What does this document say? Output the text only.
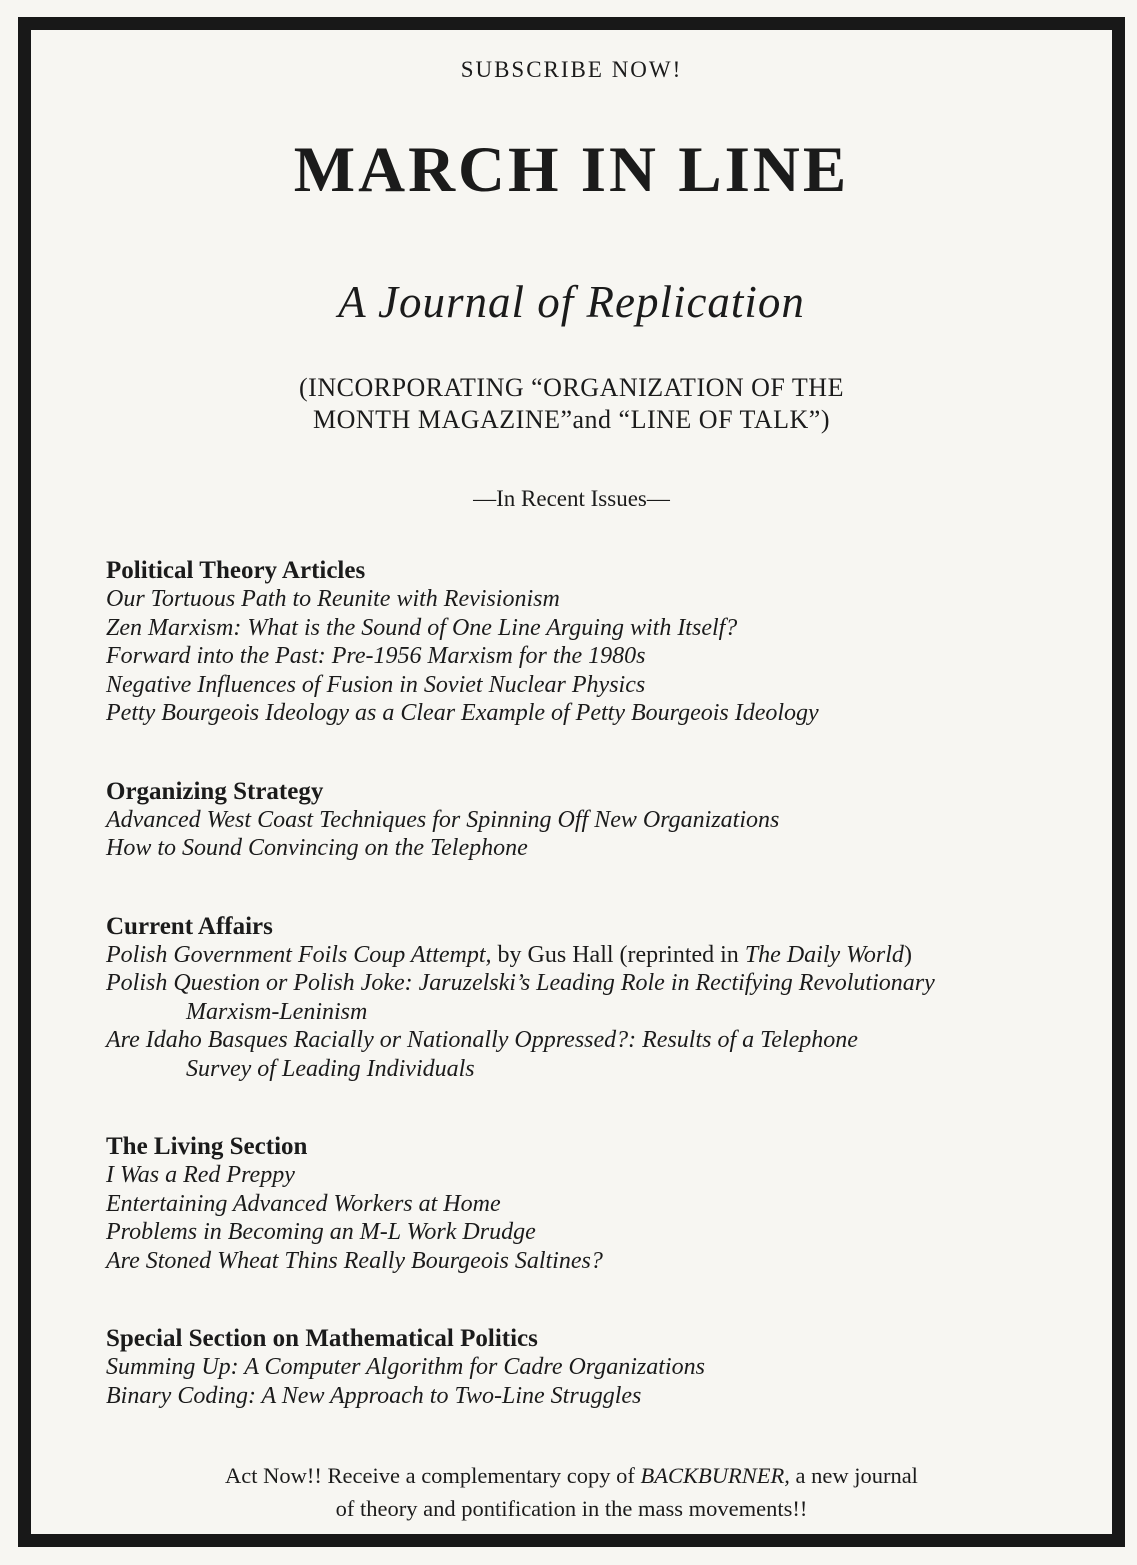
SUBSCRIBE NOW!
MARCH IN LINE
A Journal of Replication
(INCORPORATING “ORGANIZATION OF THE
MONTH MAGAZINE”and “LINE OF TALK”)
—In Recent Issues—
Political Theory Articles

Our Tortuous Path to Reunite with Revisionism

Zen Marxism: What is the Sound of One Line Arguing with Itself?

Forward into the Past: Pre-1956 Marxism for the 1980s

Negative Influences of Fusion in Soviet Nuclear Physics

Petty Bourgeois Ideology as a Clear Example of Petty Bourgeois Ideology

Organizing Strategy

Advanced West Coast Techniques for Spinning Off New Organizations

How to Sound Convincing on the Telephone

Current Affairs

Polish Government Foils Coup Attempt, by Gus Hall (reprinted in The Daily World)

Polish Question or Polish Joke: Jaruzelski’s Leading Role in Rectifying Revolutionary

Marxism-Leninism

Are Idaho Basques Racially or Nationally Oppressed?: Results of a Telephone

Survey of Leading Individuals

The Living Section

I Was a Red Preppy

Entertaining Advanced Workers at Home

Problems in Becoming an M-L Work Drudge

Are Stoned Wheat Thins Really Bourgeois Saltines?

Special Section on Mathematical Politics

Summing Up: A Computer Algorithm for Cadre Organizations

Binary Coding: A New Approach to Two-Line Struggles

Act Now!! Receive a complementary copy of BACKBURNER, a new journal

of theory and pontification in the mass movements!!
